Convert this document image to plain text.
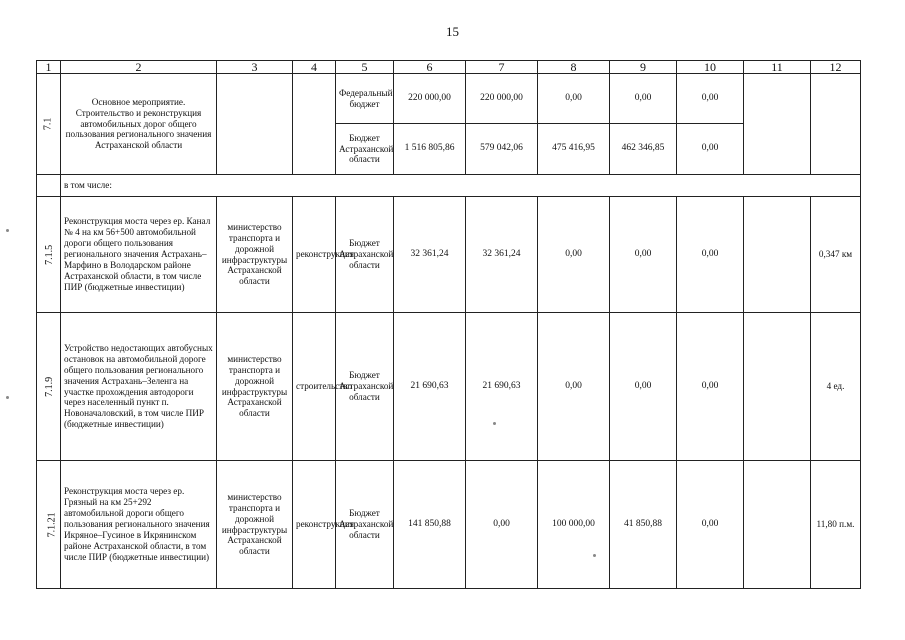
15
1	2	3	4	5	6	7	8	9	10	11	12
7.1	Основное мероприятие. Строительство и реконструкция автомобильных дорог общего пользования регионального значения Астраханской области			Федеральный бюджет	220 000,00	220 000,00	0,00	0,00	0,00		
				Бюджет Астраханской области	1 516 805,86	579 042,06	475 416,95	462 346,85	0,00		
	в том числе:										
7.1.5	Реконструкция моста через ер. Канал № 4 на км 56+500 автомобильной дороги общего пользования регионального значения Астрахань–Марфино в Володарском районе Астраханской области, в том числе ПИР (бюджетные инвестиции)	министерство транспорта и дорожной инфраструктуры Астраханской области	реконструкция	Бюджет Астраханской области	32 361,24	32 361,24	0,00	0,00	0,00		0,347 км
7.1.9	Устройство недостающих автобусных остановок на автомобильной дороге общего пользования регионального значения Астрахань–Зеленга на участке прохождения автодороги через населенный пункт п. Новоначаловский, в том числе ПИР (бюджетные инвестиции)	министерство транспорта и дорожной инфраструктуры Астраханской области	строительство	Бюджет Астраханской области	21 690,63	21 690,63	0,00	0,00	0,00		4 ед.
7.1.21	Реконструкция моста через ер. Грязный на км 25+292 автомобильной дороги общего пользования регионального значения Икряное–Гусиное в Икрянинском районе Астраханской области, в том числе ПИР (бюджетные инвестиции)	министерство транспорта и дорожной инфраструктуры Астраханской области	реконструкция	Бюджет Астраханской области	141 850,88	0,00	100 000,00	41 850,88	0,00		11,80 п.м.
